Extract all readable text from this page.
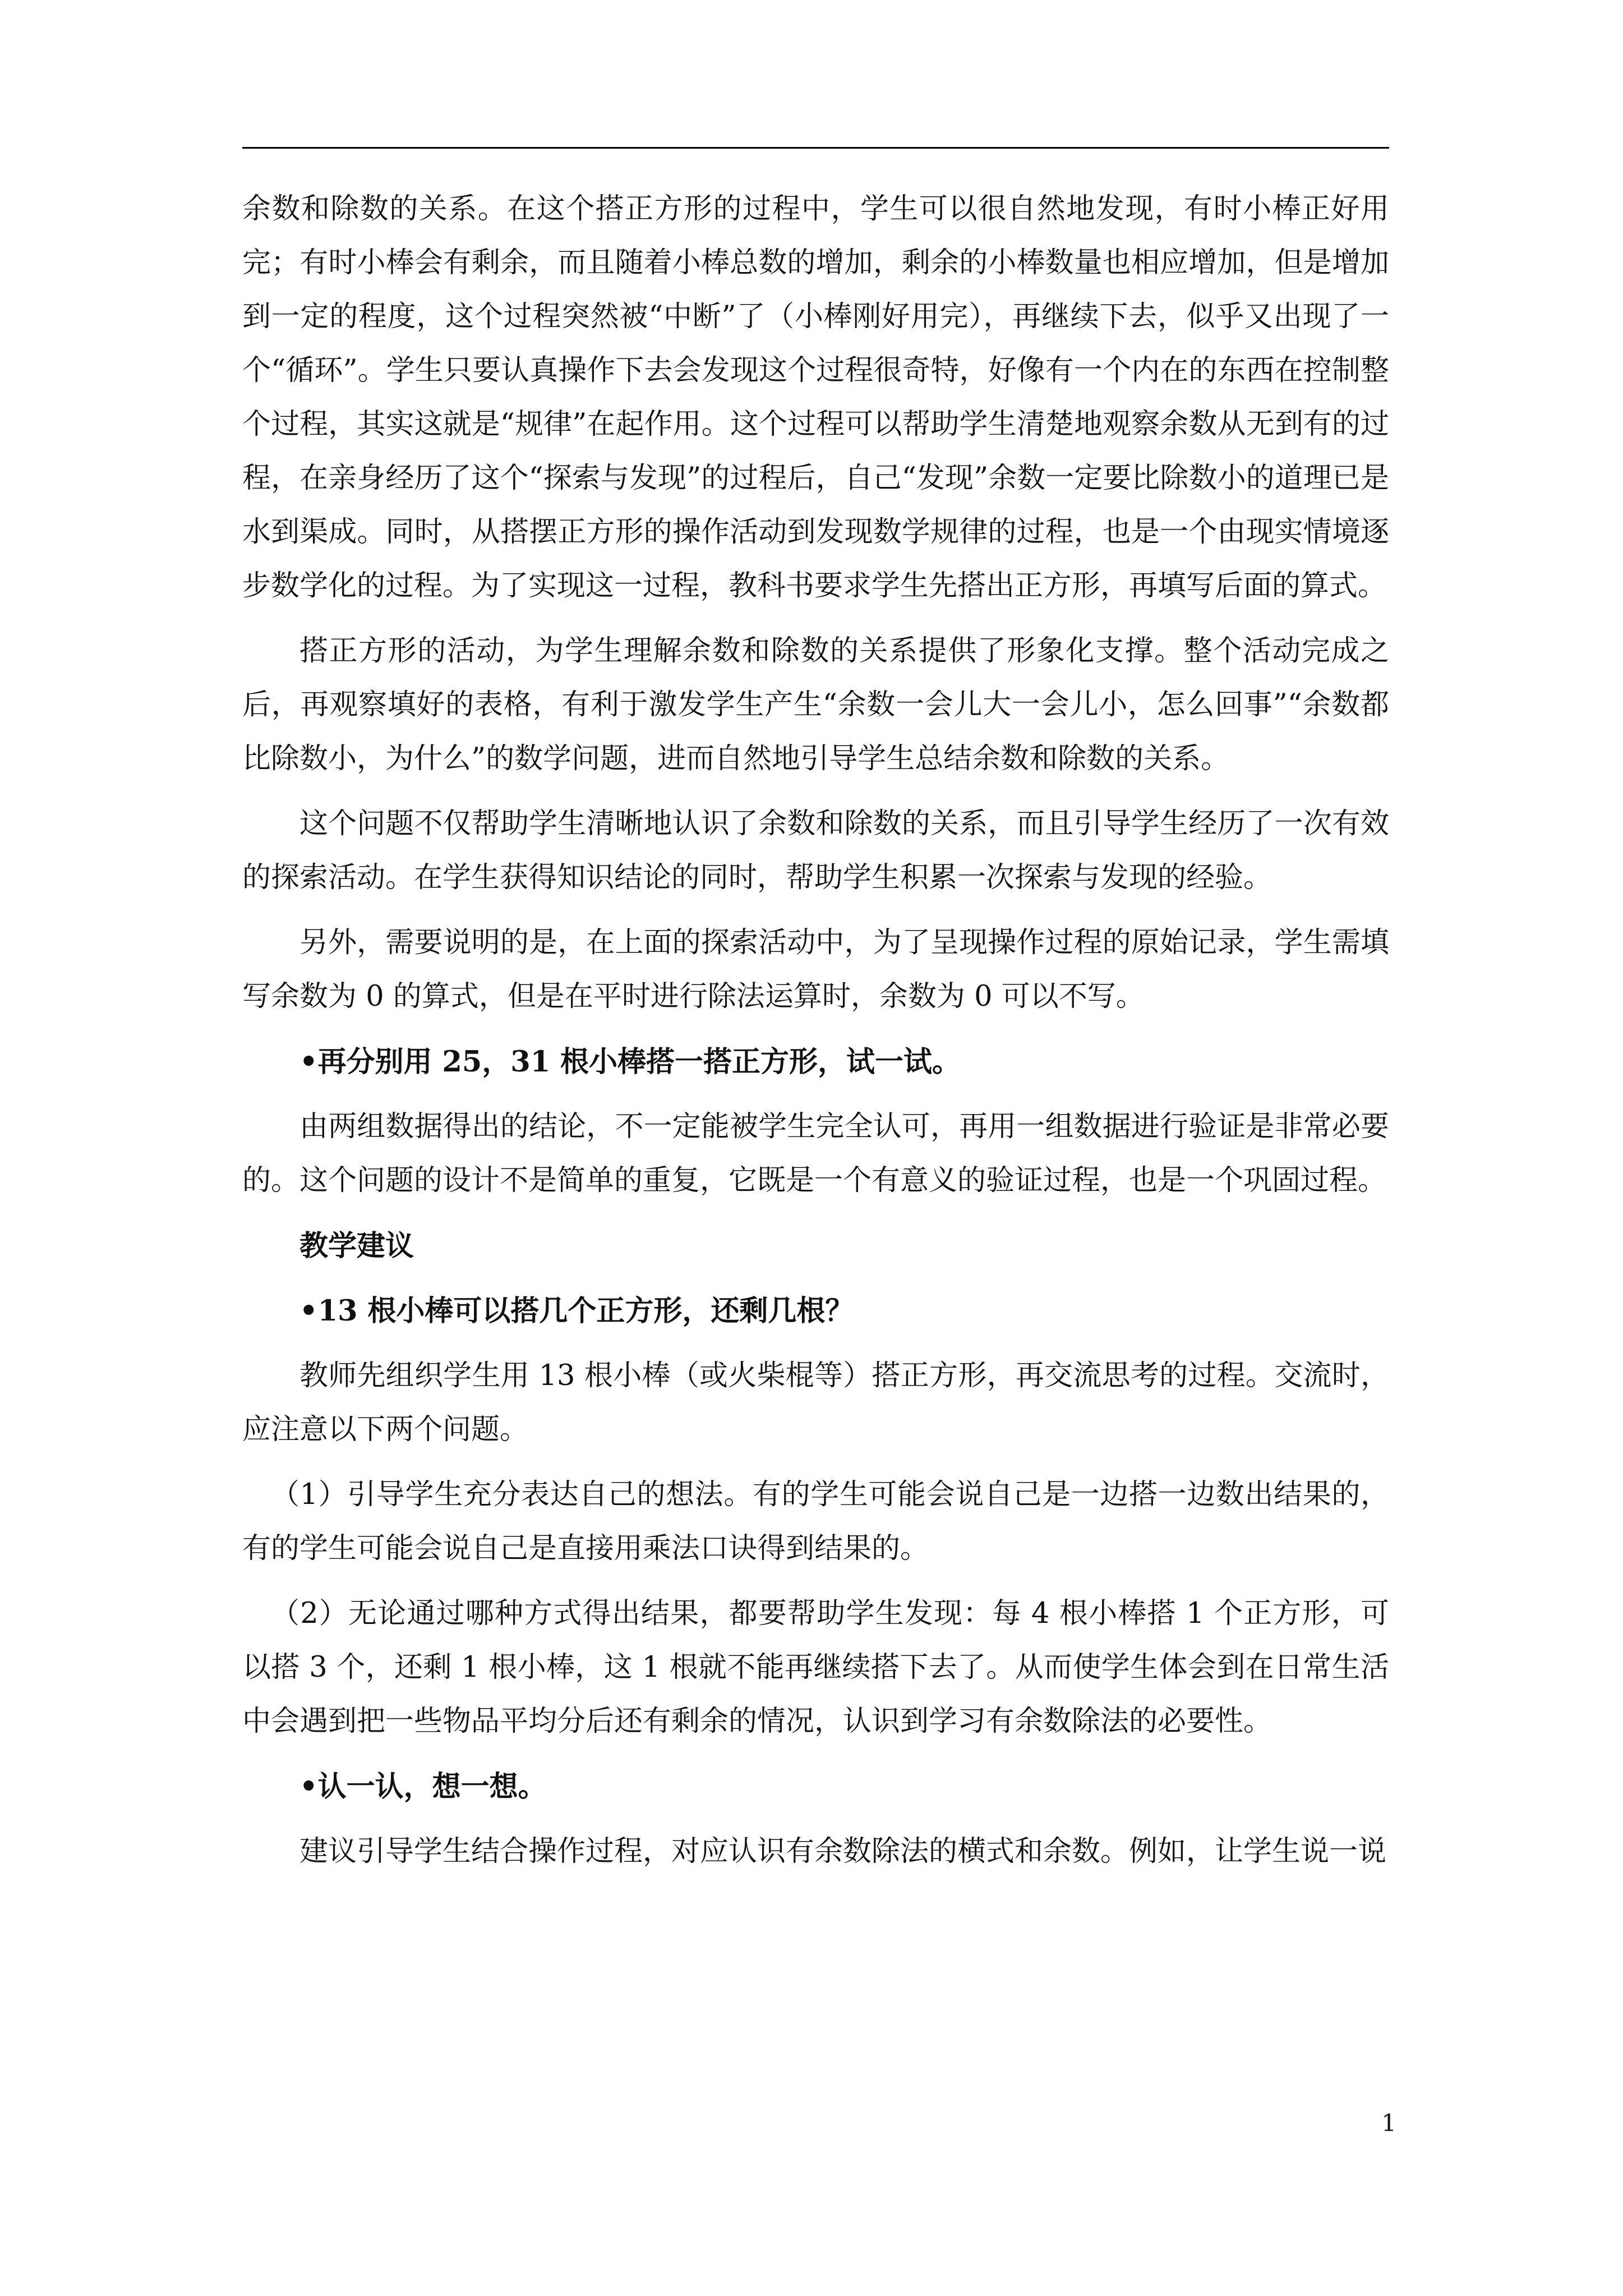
余数和除数的关系。在这个搭正方形的过程中，学生可以很自然地发现，有时小棒正好用完；有时小棒会有剩余，而且随着小棒总数的增加，剩余的小棒数量也相应增加，但是增加到一定的程度，这个过程突然被“中断”了（小棒刚好用完），再继续下去，似乎又出现了一个“循环”。学生只要认真操作下去会发现这个过程很奇特，好像有一个内在的东西在控制整个过程，其实这就是“规律”在起作用。这个过程可以帮助学生清楚地观察余数从无到有的过程，在亲身经历了这个“探索与发现”的过程后，自己“发现”余数一定要比除数小的道理已是水到渠成。同时，从搭摆正方形的操作活动到发现数学规律的过程，也是一个由现实情境逐步数学化的过程。为了实现这一过程，教科书要求学生先搭出正方形，再填写后面的算式。

搭正方形的活动，为学生理解余数和除数的关系提供了形象化支撑。整个活动完成之后，再观察填好的表格，有利于激发学生产生“余数一会儿大一会儿小，怎么回事”“余数都比除数小，为什么”的数学问题，进而自然地引导学生总结余数和除数的关系。

这个问题不仅帮助学生清晰地认识了余数和除数的关系，而且引导学生经历了一次有效的探索活动。在学生获得知识结论的同时，帮助学生积累一次探索与发现的经验。

另外，需要说明的是，在上面的探索活动中，为了呈现操作过程的原始记录，学生需填写余数为 0 的算式，但是在平时进行除法运算时，余数为 0 可以不写。

•再分别用 25，31 根小棒搭一搭正方形，试一试。

由两组数据得出的结论，不一定能被学生完全认可，再用一组数据进行验证是非常必要的。这个问题的设计不是简单的重复，它既是一个有意义的验证过程，也是一个巩固过程。

教学建议

•13 根小棒可以搭几个正方形，还剩几根？

教师先组织学生用 13 根小棒（或火柴棍等）搭正方形，再交流思考的过程。交流时，应注意以下两个问题。

（1）引导学生充分表达自己的想法。有的学生可能会说自己是一边搭一边数出结果的，有的学生可能会说自己是直接用乘法口诀得到结果的。

（2）无论通过哪种方式得出结果，都要帮助学生发现：每 4 根小棒搭 1 个正方形，可以搭 3 个，还剩 1 根小棒，这 1 根就不能再继续搭下去了。从而使学生体会到在日常生活中会遇到把一些物品平均分后还有剩余的情况，认识到学习有余数除法的必要性。

•认一认，想一想。

建议引导学生结合操作过程，对应认识有余数除法的横式和余数。例如，让学生说一说

1
